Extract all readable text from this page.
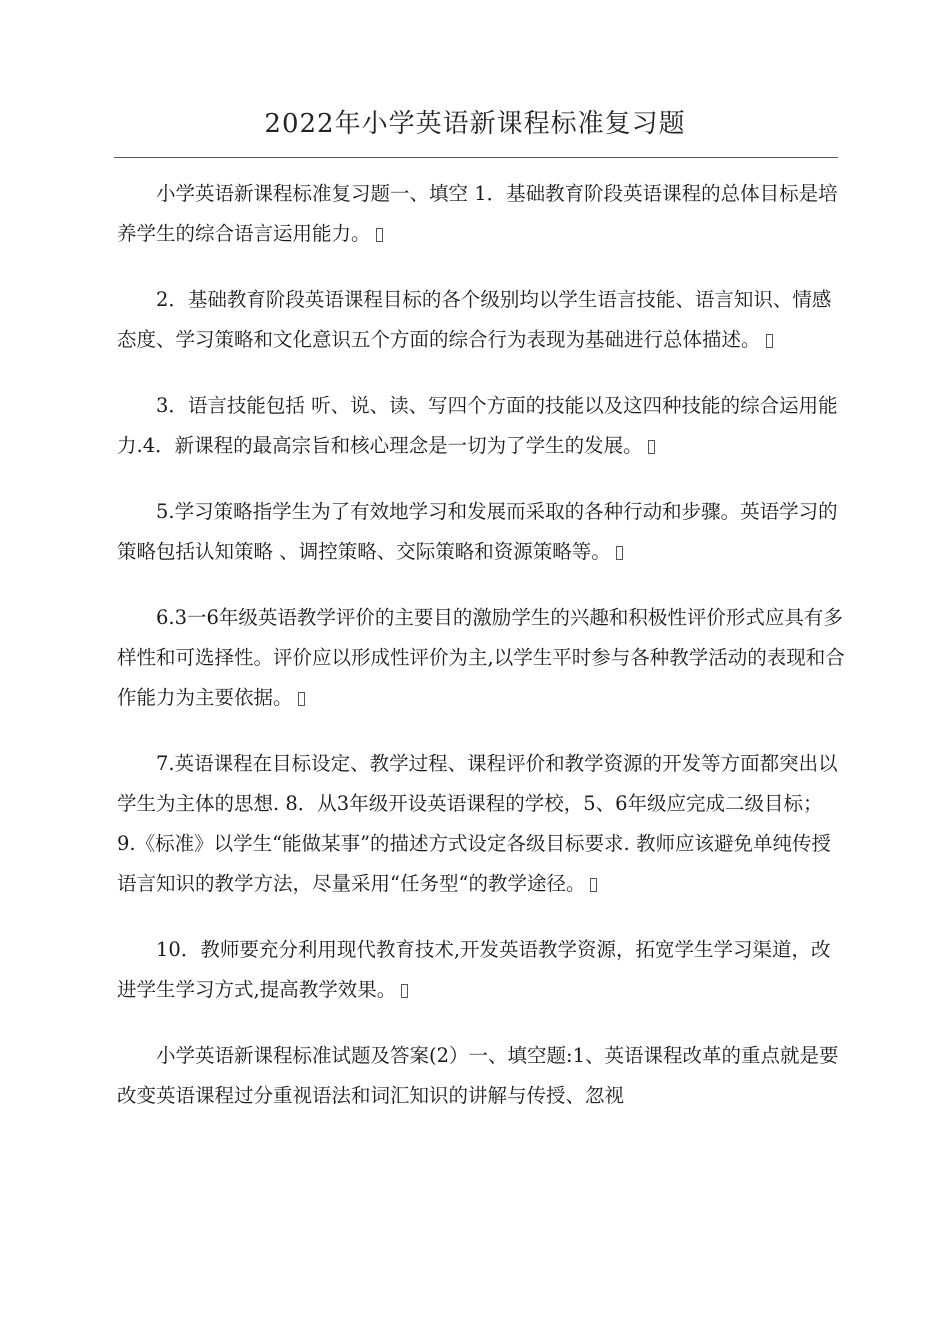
2022年小学英语新课程标准复习题

小学英语新课程标准复习题一、填空 1．基础教育阶段英语课程的总体目标是培养学生的综合语言运用能力。

2．基础教育阶段英语课程目标的各个级别均以学生语言技能、语言知识、情感态度、学习策略和文化意识五个方面的综合行为表现为基础进行总体描述。

3．语言技能包括 听、说、读、写四个方面的技能以及这四种技能的综合运用能力.4．新课程的最高宗旨和核心理念是一切为了学生的发展。

5.学习策略指学生为了有效地学习和发展而采取的各种行动和步骤。英语学习的策略包括认知策略 、调控策略、交际策略和资源策略等。

6.3一6年级英语教学评价的主要目的激励学生的兴趣和积极性评价形式应具有多样性和可选择性。评价应以形成性评价为主,以学生平时参与各种教学活动的表现和合作能力为主要依据。

7.英语课程在目标设定、教学过程、课程评价和教学资源的开发等方面都突出以学生为主体的思想. 8．从3年级开设英语课程的学校，5、6年级应完成二级目标； 9.《标准》以学生“能做某事”的描述方式设定各级目标要求. 教师应该避免单纯传授语言知识的教学方法，尽量采用“任务型“的教学途径。

10．教师要充分利用现代教育技术,开发英语教学资源，拓宽学生学习渠道，改进学生学习方式,提高教学效果。

小学英语新课程标准试题及答案(2）一、填空题:1、英语课程改革的重点就是要改变英语课程过分重视语法和词汇知识的讲解与传授、忽视
